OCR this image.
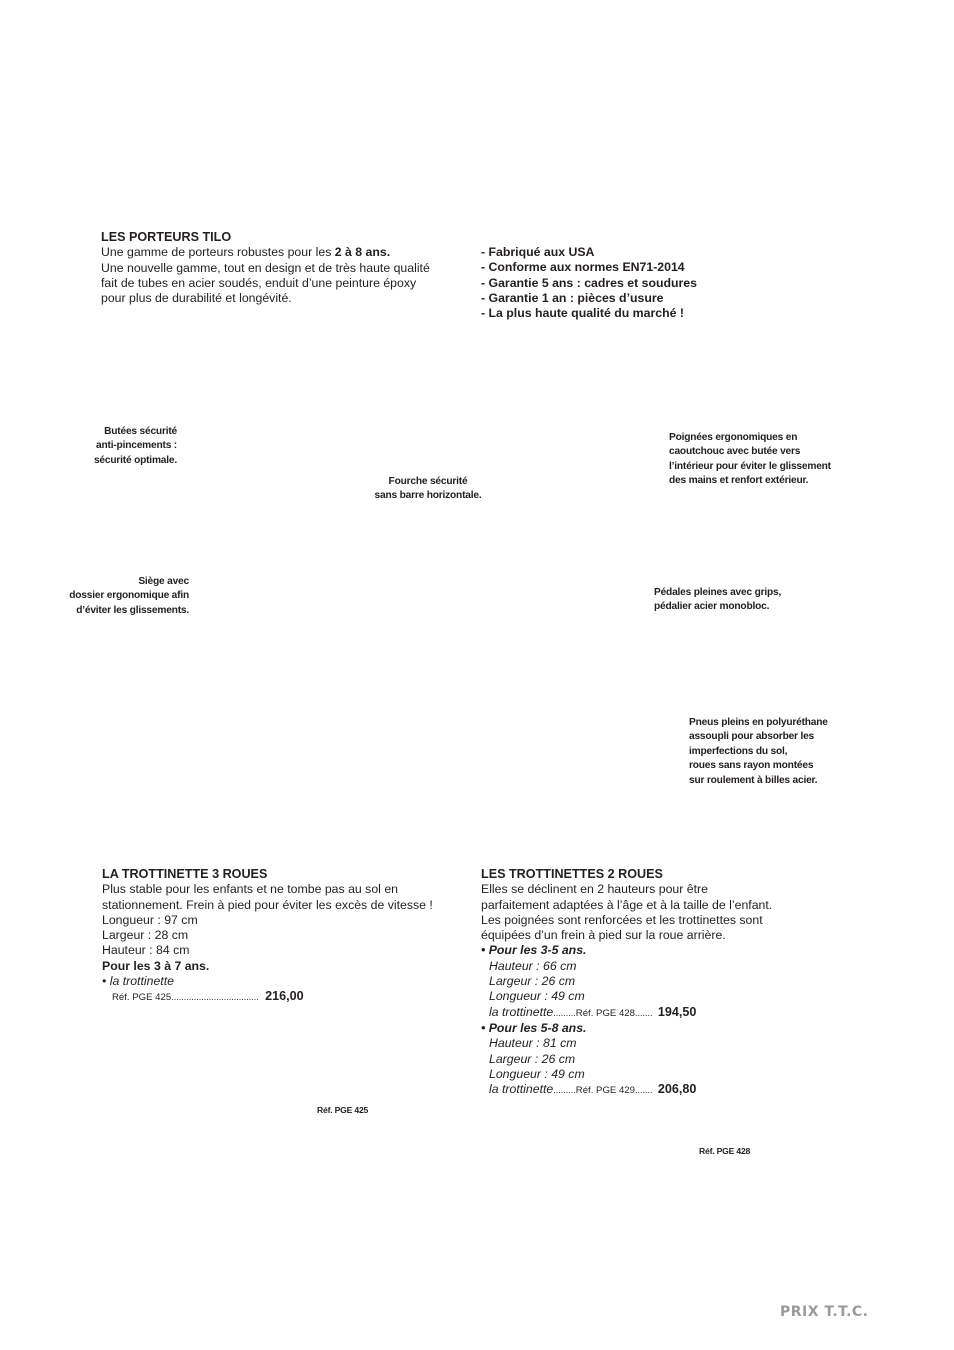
LES PORTEURS TILO
Une gamme de porteurs robustes pour les 2 à 8 ans.
Une nouvelle gamme, tout en design et de très haute qualité
fait de tubes en acier soudés, enduit d’une peinture époxy
pour plus de durabilité et longévité.
- Fabriqué aux USA
- Conforme aux normes EN71-2014
- Garantie 5 ans : cadres et soudures
- Garantie 1 an : pièces d’usure
- La plus haute qualité du marché !
Butées sécurité
anti-pincements :
sécurité optimale.
Fourche sécurité
sans barre horizontale.
Poignées ergonomiques en
caoutchouc avec butée vers
l’intérieur pour éviter le glissement
des mains et renfort extérieur.
Siège avec
dossier ergonomique afin
d’éviter les glissements.
Pédales pleines avec grips,
pédalier acier monobloc.
Pneus pleins en polyuréthane
assoupli pour absorber les
imperfections du sol,
roues sans rayon montées
sur roulement à billes acier.
LA TROTTINETTE 3 ROUES
Plus stable pour les enfants et ne tombe pas au sol en
stationnement. Frein à pied pour éviter les excès de vitesse !
Longueur : 97 cm
Largeur : 28 cm
Hauteur : 84 cm
Pour les 3 à 7 ans.
• la trottinette
Réf. PGE 425................................... 216,00
Réf. PGE 425
LES TROTTINETTES 2 ROUES
Elles se déclinent en 2 hauteurs pour être
parfaitement adaptées à l’âge et à la taille de l’enfant.
Les poignées sont renforcées et les trottinettes sont
équipées d’un frein à pied sur la roue arrière.
• Pour les 3-5 ans.
Hauteur : 66 cm
Largeur : 26 cm
Longueur : 49 cm
la trottinette.........Réf. PGE 428....... 194,50
• Pour les 5-8 ans.
Hauteur : 81 cm
Largeur : 26 cm
Longueur : 49 cm
la trottinette.........Réf. PGE 429....... 206,80
Réf. PGE 428
PRIX T.T.C.
